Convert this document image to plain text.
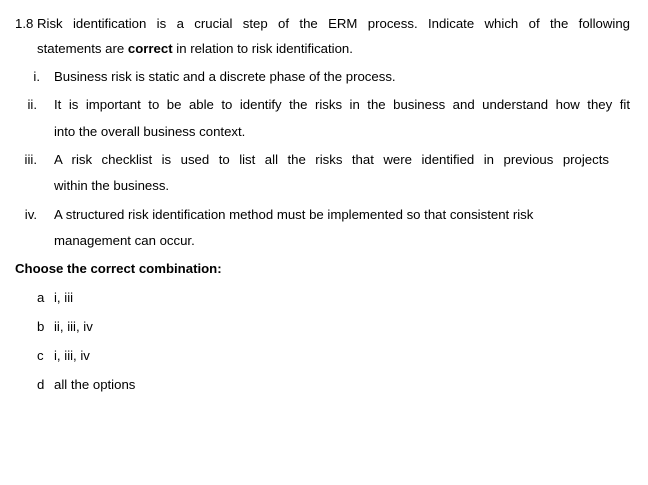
1.8 Risk identification is a crucial step of the ERM process. Indicate which of the following
statements are correct in relation to risk identification.
i. Business risk is static and a discrete phase of the process.
ii. It is important to be able to identify the risks in the business and understand how they fit
into the overall business context.
iii. A risk checklist is used to list all the risks that were identified in previous projects
within the business.
iv. A structured risk identification method must be implemented so that consistent risk
management can occur.
Choose the correct combination:
a i, iii
b ii, iii, iv
c i, iii, iv
d all the options
